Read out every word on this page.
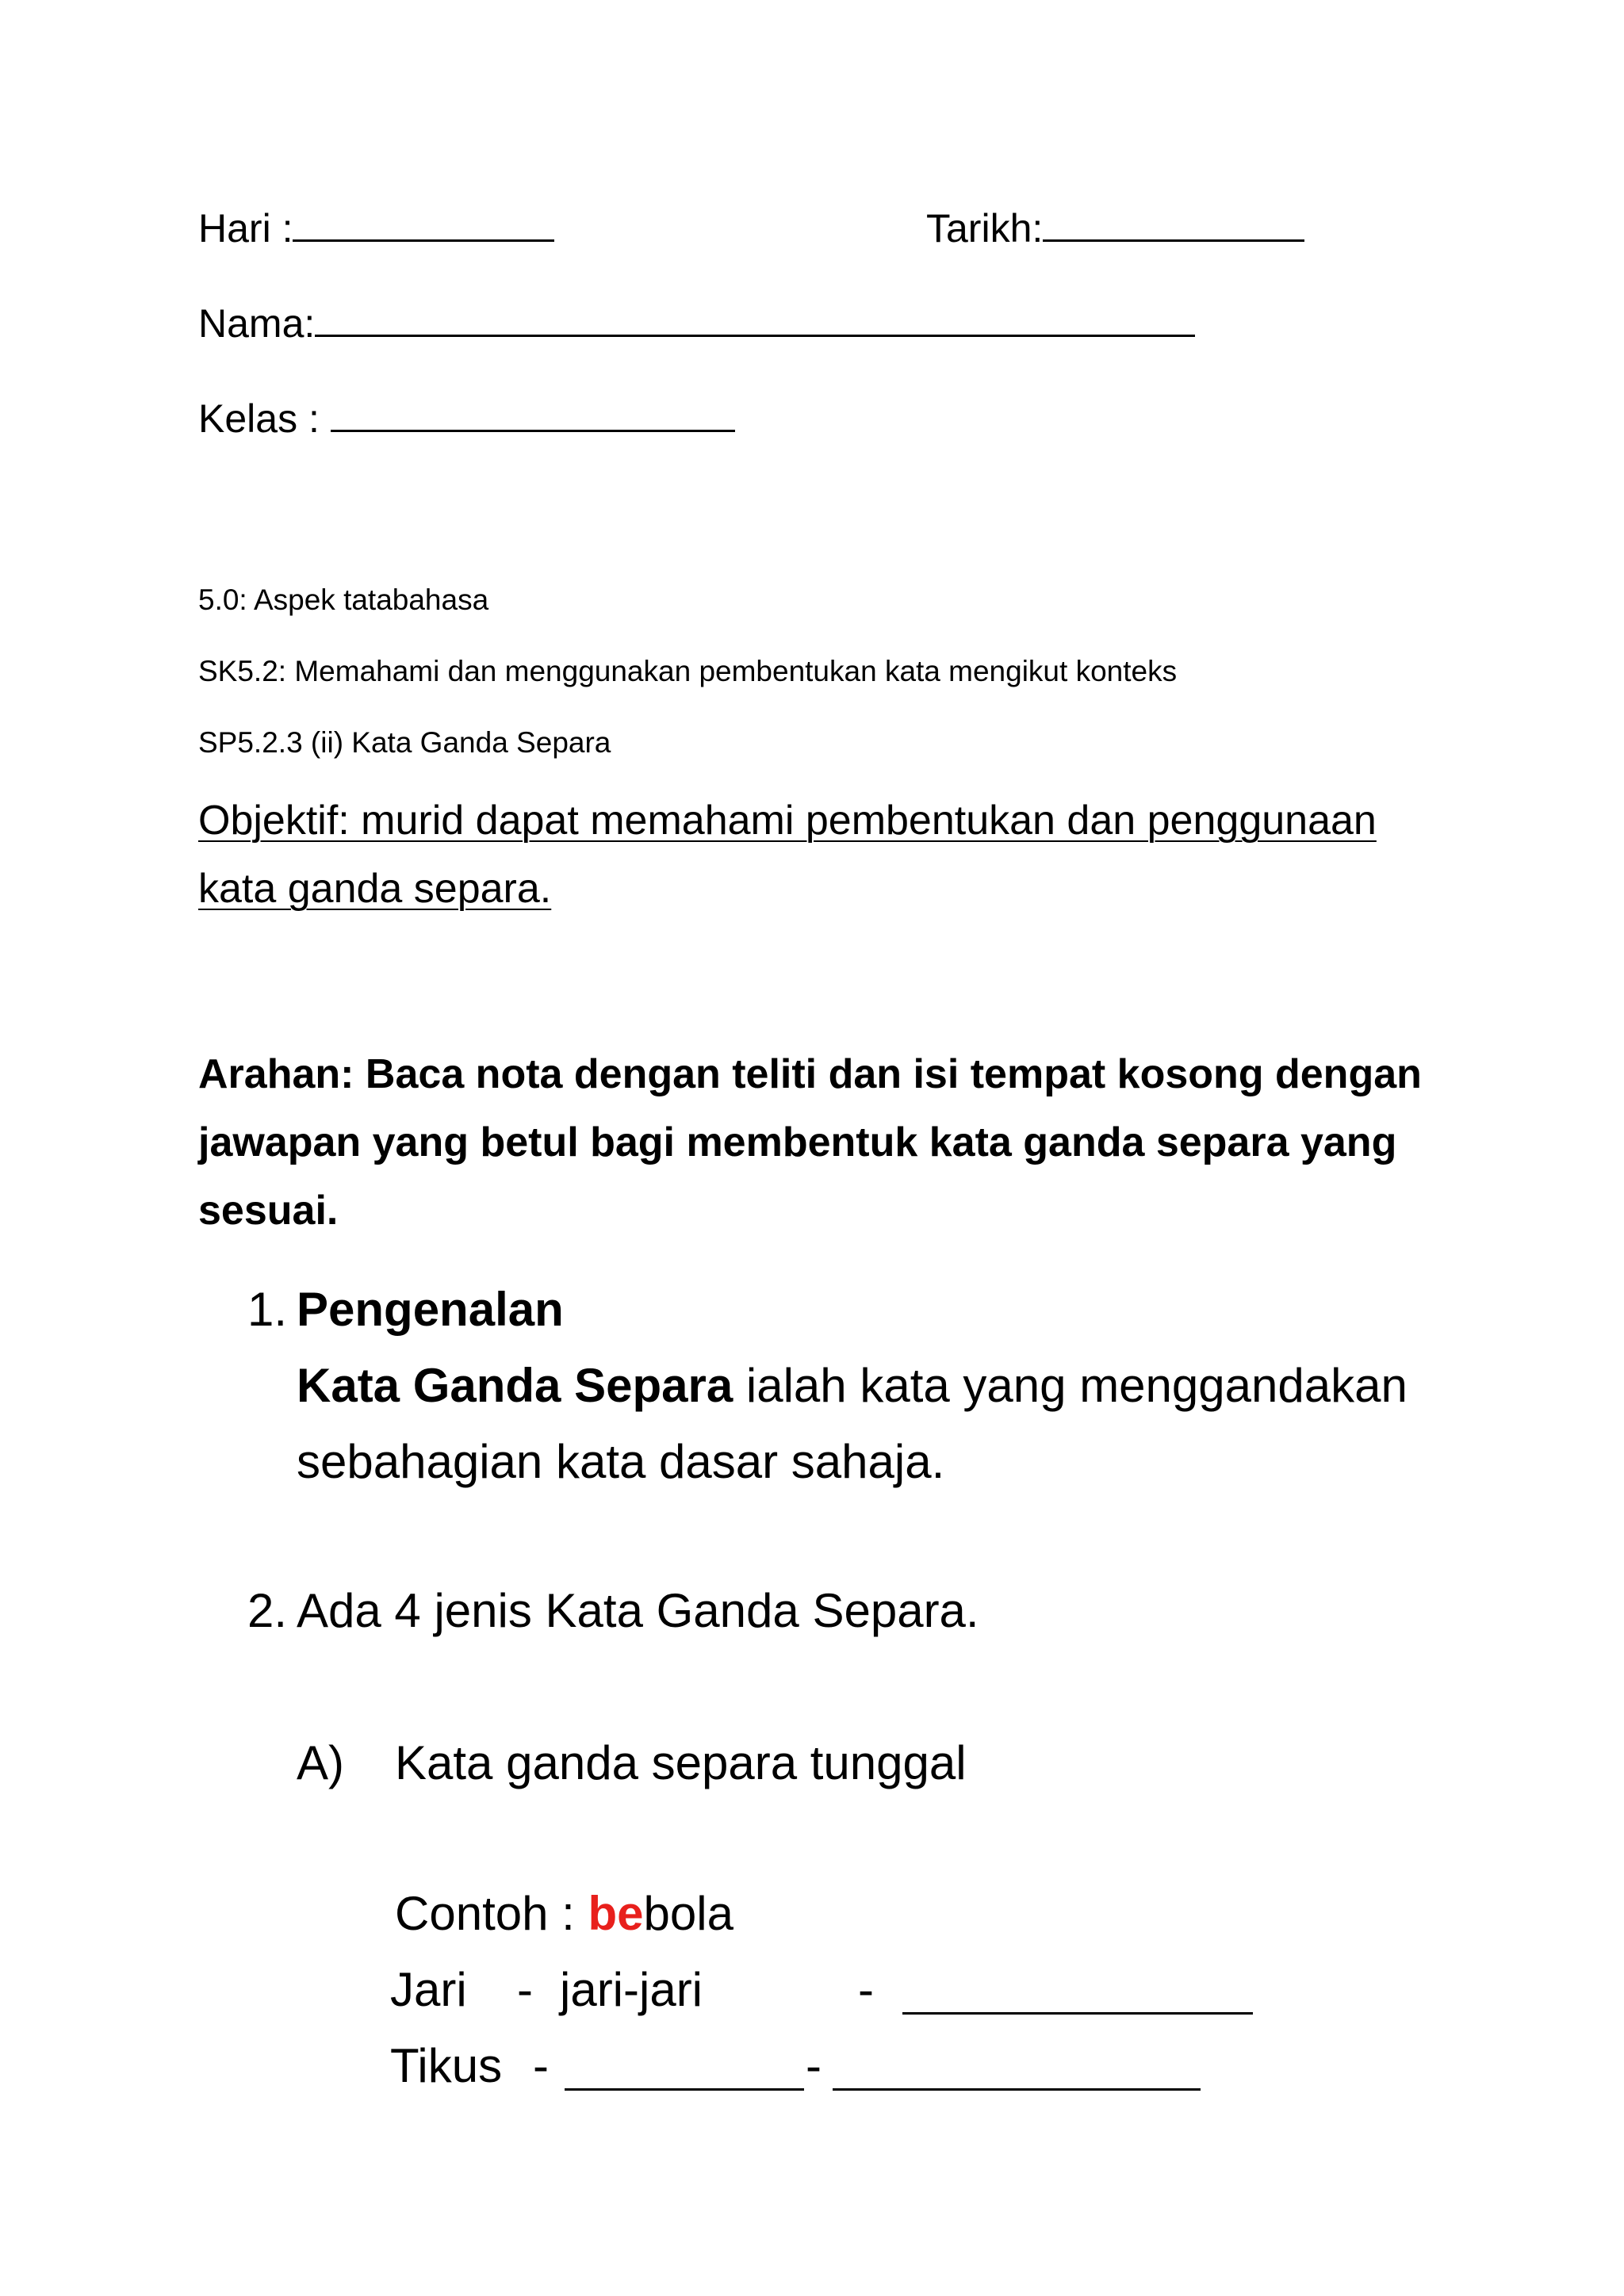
Hari :	Tarikh:
Nama:
Kelas :
5.0: Aspek tatabahasa
SK5.2: Memahami dan menggunakan pembentukan kata mengikut konteks
SP5.2.3 (ii) Kata Ganda Separa
Objektif: murid dapat memahami pembentukan dan penggunaan kata ganda separa.
Arahan: Baca nota dengan teliti dan isi tempat kosong dengan jawapan yang betul bagi membentuk kata ganda separa yang sesuai.
1. Pengenalan
Kata Ganda Separa ialah kata yang menggandakan
sebahagian kata dasar sahaja.
2. Ada 4 jenis Kata Ganda Separa.
A) Kata ganda separa tunggal
Contoh : bebola
Jari - jari-jari	-
Tikus -	-
